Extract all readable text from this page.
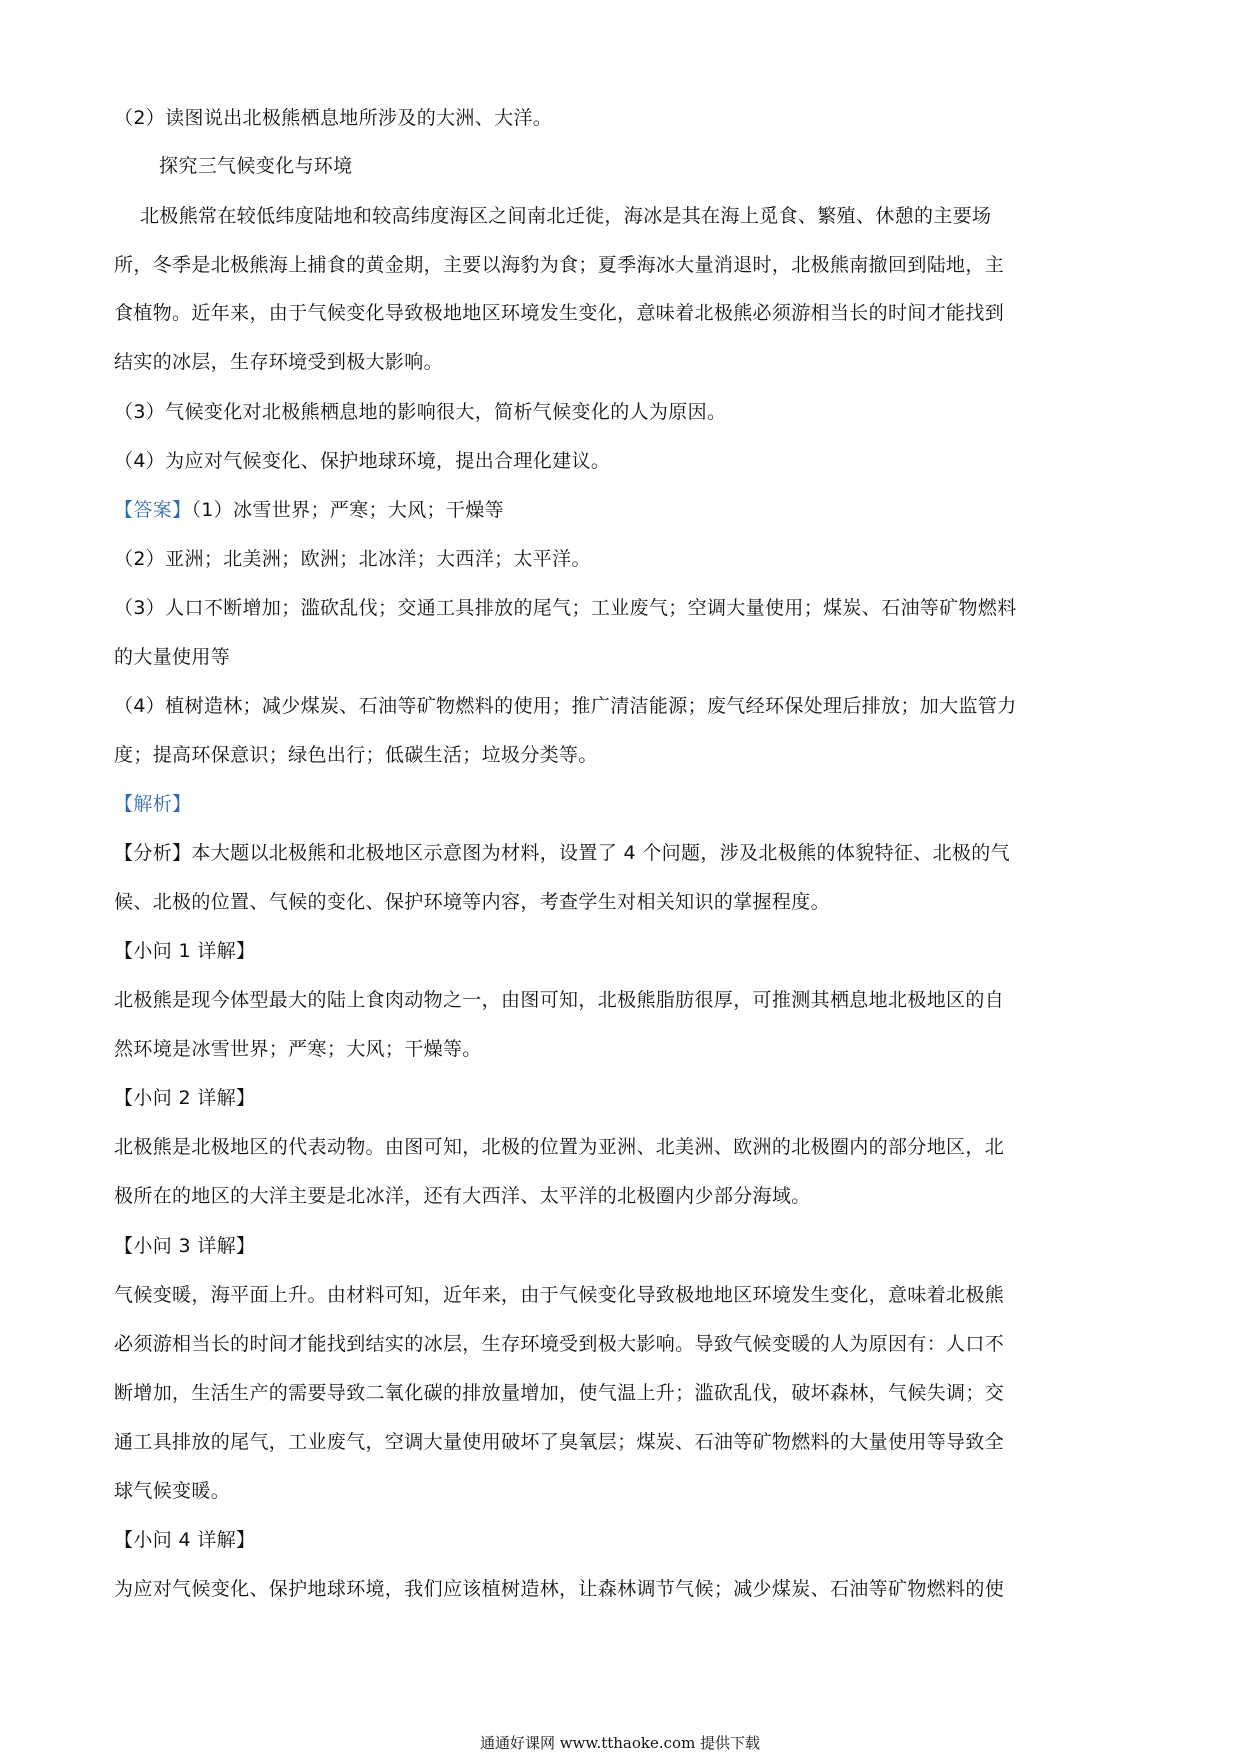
（2）读图说出北极熊栖息地所涉及的大洲、大洋。
探究三气候变化与环境
北极熊常在较低纬度陆地和较高纬度海区之间南北迁徙，海冰是其在海上觅食、繁殖、休憩的主要场
所，冬季是北极熊海上捕食的黄金期，主要以海豹为食；夏季海冰大量消退时，北极熊南撤回到陆地，主
食植物。近年来，由于气候变化导致极地地区环境发生变化，意味着北极熊必须游相当长的时间才能找到
结实的冰层，生存环境受到极大影响。
（3）气候变化对北极熊栖息地的影响很大，简析气候变化的人为原因。
（4）为应对气候变化、保护地球环境，提出合理化建议。
【答案】（1）冰雪世界；严寒；大风；干燥等
（2）亚洲；北美洲；欧洲；北冰洋；大西洋；太平洋。
（3）人口不断增加；滥砍乱伐；交通工具排放的尾气；工业废气；空调大量使用；煤炭、石油等矿物燃料
的大量使用等
（4）植树造林；减少煤炭、石油等矿物燃料的使用；推广清洁能源；废气经环保处理后排放；加大监管力
度；提高环保意识；绿色出行；低碳生活；垃圾分类等。
【解析】
【分析】本大题以北极熊和北极地区示意图为材料，设置了 4 个问题，涉及北极熊的体貌特征、北极的气
候、北极的位置、气候的变化、保护环境等内容，考查学生对相关知识的掌握程度。
【小问 1 详解】
北极熊是现今体型最大的陆上食肉动物之一，由图可知，北极熊脂肪很厚，可推测其栖息地北极地区的自
然环境是冰雪世界；严寒；大风；干燥等。
【小问 2 详解】
北极熊是北极地区的代表动物。由图可知，北极的位置为亚洲、北美洲、欧洲的北极圈内的部分地区，北
极所在的地区的大洋主要是北冰洋，还有大西洋、太平洋的北极圈内少部分海域。
【小问 3 详解】
气候变暖，海平面上升。由材料可知，近年来，由于气候变化导致极地地区环境发生变化，意味着北极熊
必须游相当长的时间才能找到结实的冰层，生存环境受到极大影响。导致气候变暖的人为原因有：人口不
断增加，生活生产的需要导致二氧化碳的排放量增加，使气温上升；滥砍乱伐，破坏森林，气候失调；交
通工具排放的尾气，工业废气，空调大量使用破坏了臭氧层；煤炭、石油等矿物燃料的大量使用等导致全
球气候变暖。
【小问 4 详解】
为应对气候变化、保护地球环境，我们应该植树造林，让森林调节气候；减少煤炭、石油等矿物燃料的使
通通好课网 www.tthaoke.com 提供下载
